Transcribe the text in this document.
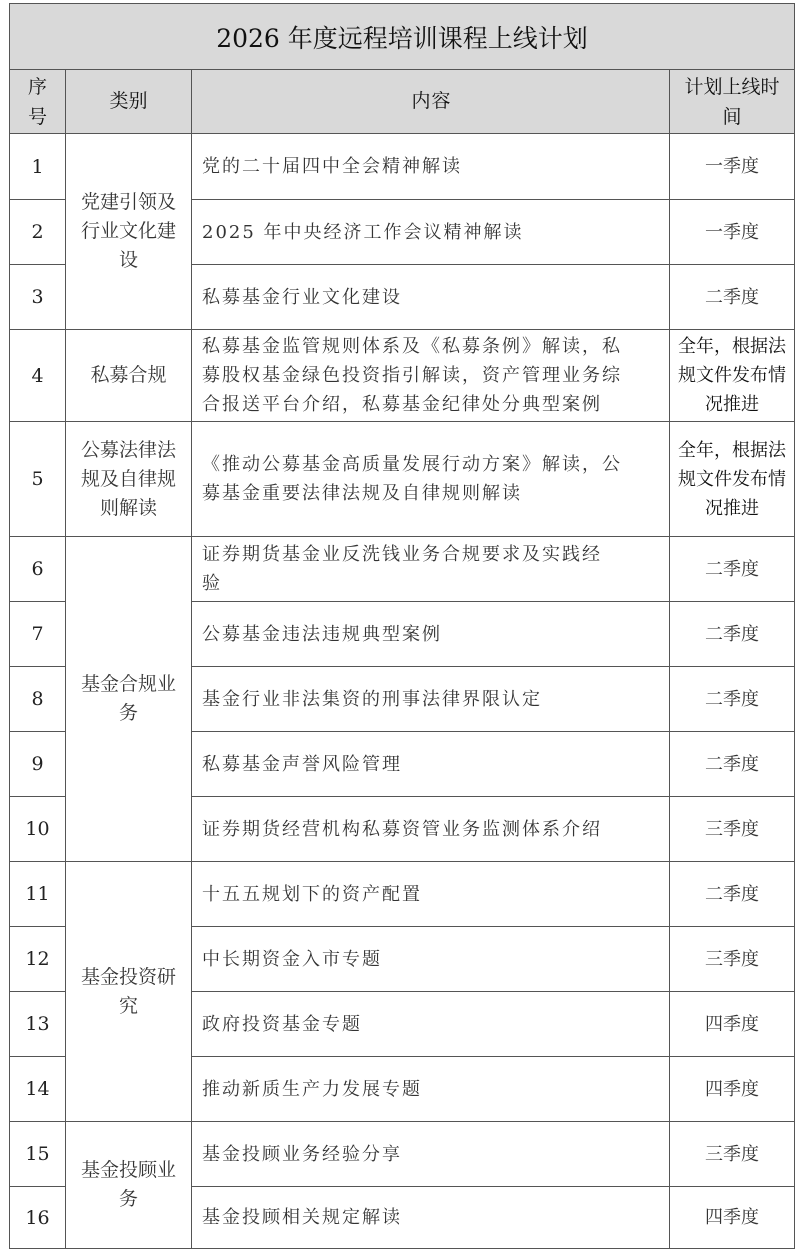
2026 年度远程培训课程上线计划			
序号	类别	内容	计划上线时间
1	党建引领及行业文化建设	党的二十届四中全会精神解读	一季度
2		2025 年中央经济工作会议精神解读	一季度
3		私募基金行业文化建设	二季度
4	私募合规	私募基金监管规则体系及《私募条例》解读，私
募股权基金绿色投资指引解读，资产管理业务综
合报送平台介绍，私募基金纪律处分典型案例	全年，根据法规文件发布情况推进
5	公募法律法规及自律规则解读	《推动公募基金高质量发展行动方案》解读，公
募基金重要法律法规及自律规则解读	全年，根据法规文件发布情况推进
6	基金合规业务	证券期货基金业反洗钱业务合规要求及实践经
验	二季度
7		公募基金违法违规典型案例	二季度
8		基金行业非法集资的刑事法律界限认定	二季度
9		私募基金声誉风险管理	二季度
10		证券期货经营机构私募资管业务监测体系介绍	三季度
11	基金投资研究	十五五规划下的资产配置	二季度
12		中长期资金入市专题	三季度
13		政府投资基金专题	四季度
14		推动新质生产力发展专题	四季度
15	基金投顾业务	基金投顾业务经验分享	三季度
16		基金投顾相关规定解读	四季度
